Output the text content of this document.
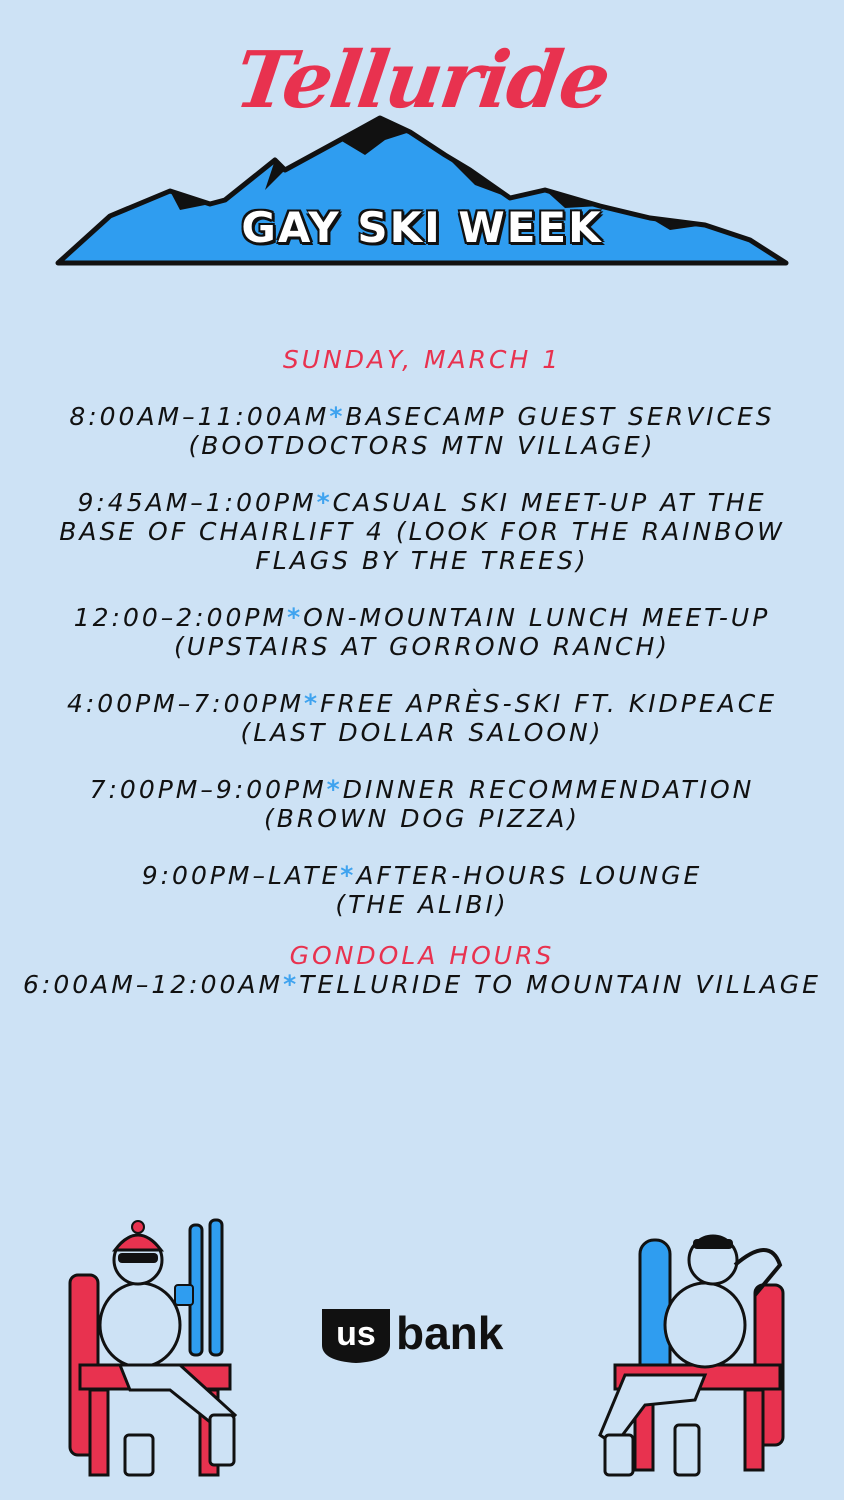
Telluride
GAY SKI WEEK
SUNDAY, MARCH 1
8:00AM–11:00AM*BASECAMP GUEST SERVICES
(BOOTDOCTORS MTN VILLAGE)
9:45AM–1:00PM*CASUAL SKI MEET-UP AT THE
BASE OF CHAIRLIFT 4 (LOOK FOR THE RAINBOW
FLAGS BY THE TREES)
12:00–2:00PM*ON-MOUNTAIN LUNCH MEET-UP
(UPSTAIRS AT GORRONO RANCH)
4:00PM–7:00PM*FREE APRÈS-SKI FT. KIDPEACE
(LAST DOLLAR SALOON)
7:00PM–9:00PM*DINNER RECOMMENDATION
(BROWN DOG PIZZA)
9:00PM–LATE*AFTER-HOURS LOUNGE
(THE ALIBI)
GONDOLA HOURS
6:00AM–12:00AM*TELLURIDE TO MOUNTAIN VILLAGE
us bank
